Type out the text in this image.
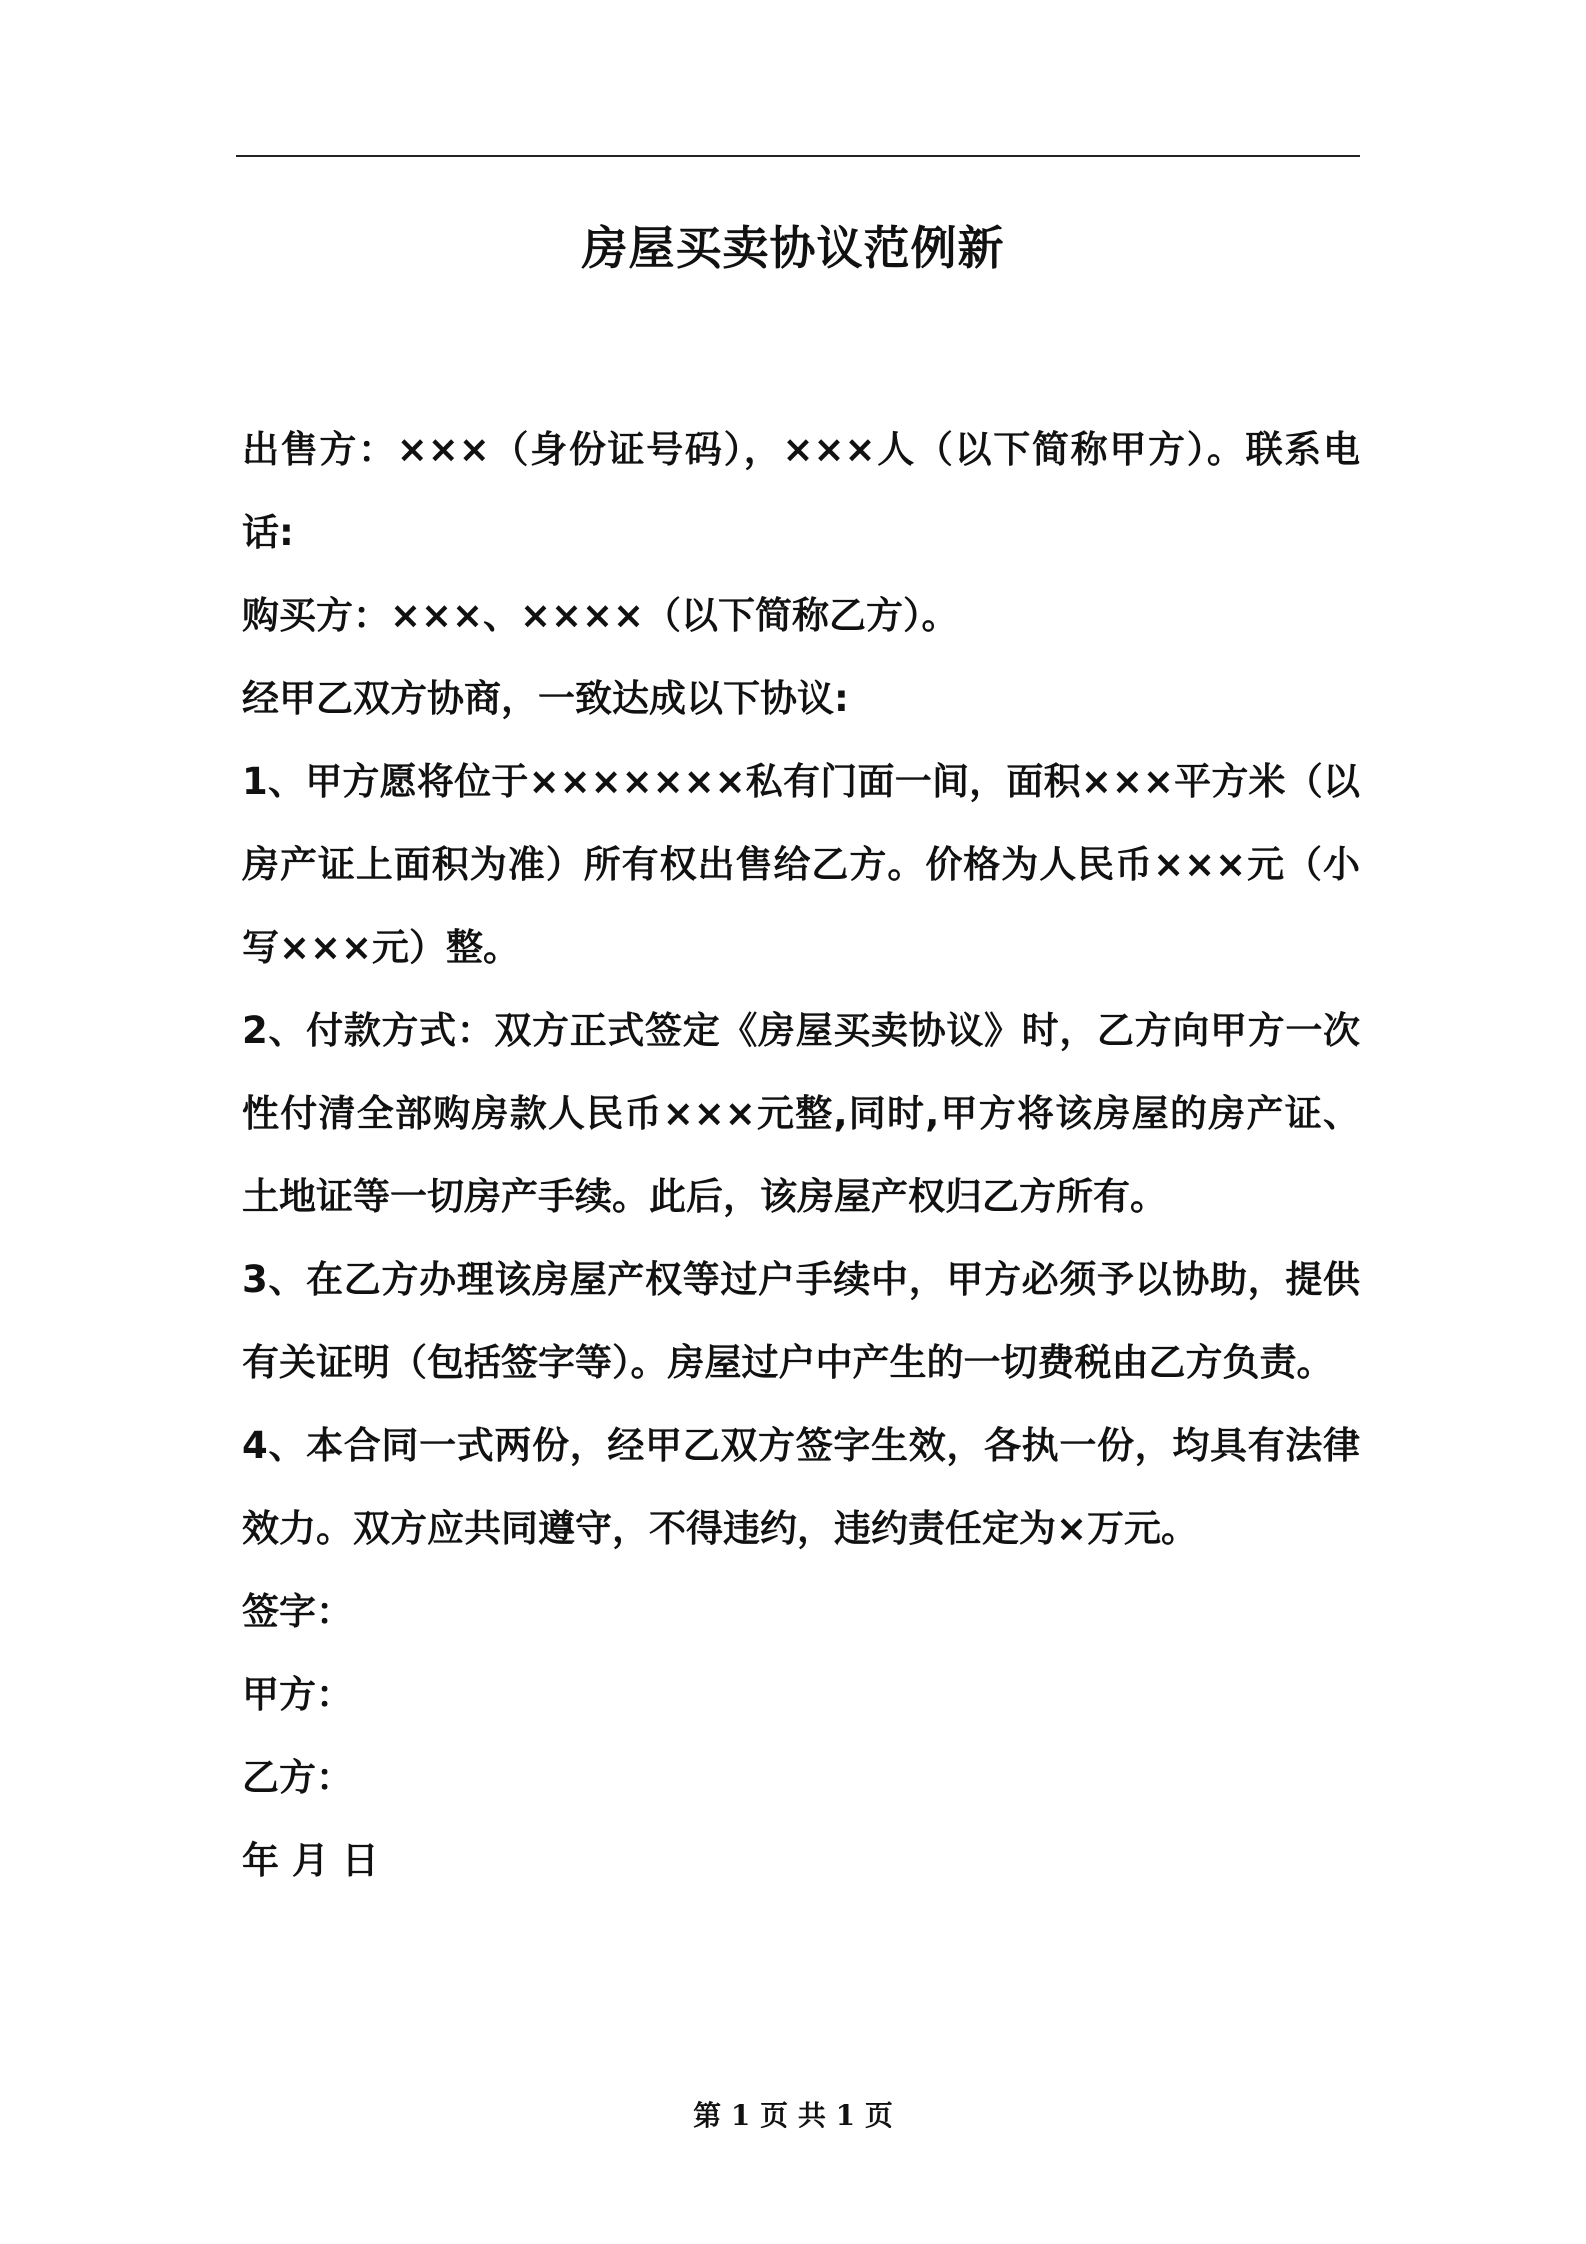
房屋买卖协议范例新

出售方：×××（身份证号码），×××人（以下简称甲方）。联系电话:

购买方：×××、××××（以下简称乙方）。

经甲乙双方协商，一致达成以下协议:

1、甲方愿将位于×××××××私有门面一间，面积×××平方米（以房产证上面积为准）所有权出售给乙方。价格为人民币×××元（小写×××元）整。

2、付款方式：双方正式签定《房屋买卖协议》时，乙方向甲方一次性付清全部购房款人民币×××元整,同时,甲方将该房屋的房产证、土地证等一切房产手续。此后，该房屋产权归乙方所有。

3、在乙方办理该房屋产权等过户手续中，甲方必须予以协助，提供有关证明（包括签字等）。房屋过户中产生的一切费税由乙方负责。

4、本合同一式两份，经甲乙双方签字生效，各执一份，均具有法律效力。双方应共同遵守，不得违约，违约责任定为×万元。

签字：

甲方：

乙方：

年 月 日

第 1 页 共 1 页
